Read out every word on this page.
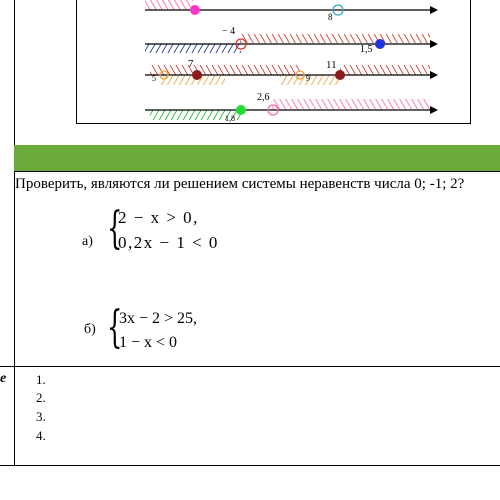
8
− 4
1,5
7	11
5	9
2,6
1,8
Проверить, являются ли решением системы неравенств числа 0; -1; 2?
а) {
2 − x > 0,
0,2x − 1 < 0
б) {
3x − 2 > 25,
1 − x < 0
е 1.
2.
3.
4.
